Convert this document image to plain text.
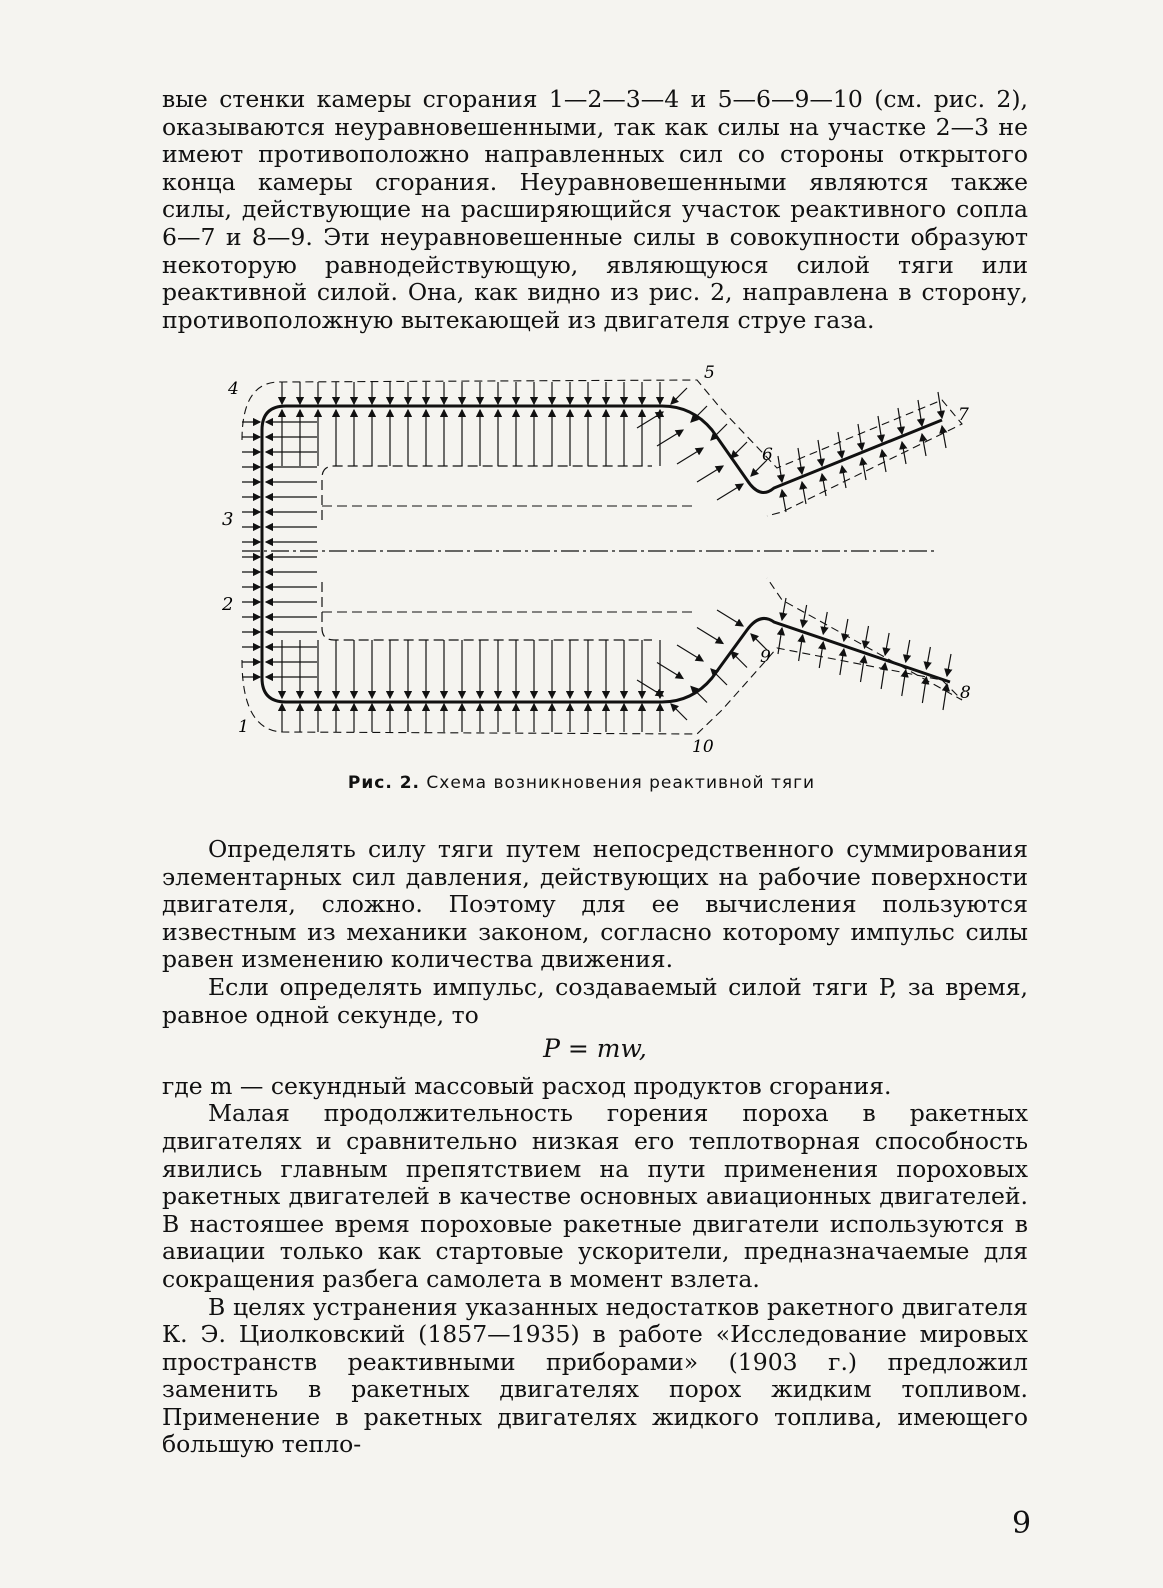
вые стенки камеры сгорания 1—2—3—4 и 5—6—9—10 (см. рис. 2), оказываются неуравновешенными, так как силы на участке 2—3 не имеют противоположно направленных сил со стороны открытого конца камеры сгорания. Неуравновешенными являются также силы, действующие на расширяющийся участок реактивного сопла 6—7 и 8—9. Эти неуравновешенные силы в совокупности образуют некоторую равнодействующую, являющуюся силой тяги или реактивной силой. Она, как видно из рис. 2, направлена в сторону, противоположную вытекающей из двигателя струе газа.

1
2
3
4
5
6
7
8
9
10
Рис. 2. Схема возникновения реактивной тяги

Определять силу тяги путем непосредственного суммирования элементарных сил давления, действующих на рабочие поверхности двигателя, сложно. Поэтому для ее вычисления пользуются известным из механики законом, согласно которому импульс силы равен изменению количества движения.

Если определять импульс, создаваемый силой тяги P, за время, равное одной секунде, то

P = mw,

где m — секундный массовый расход продуктов сгорания.

Малая продолжительность горения пороха в ракетных двигателях и сравнительно низкая его теплотворная способность явились главным препятствием на пути применения пороховых ракетных двигателей в качестве основных авиационных двигателей. В настояшее время пороховые ракетные двигатели используются в авиации только как стартовые ускорители, предназначаемые для сокращения разбега самолета в момент взлета.

В целях устранения указанных недостатков ракетного двигателя К. Э. Циолковский (1857—1935) в работе «Исследование мировых пространств реактивными приборами» (1903 г.) предложил заменить в ракетных двигателях порох жидким топливом. Применение в ракетных двигателях жидкого топлива, имеющего большую тепло-

9
